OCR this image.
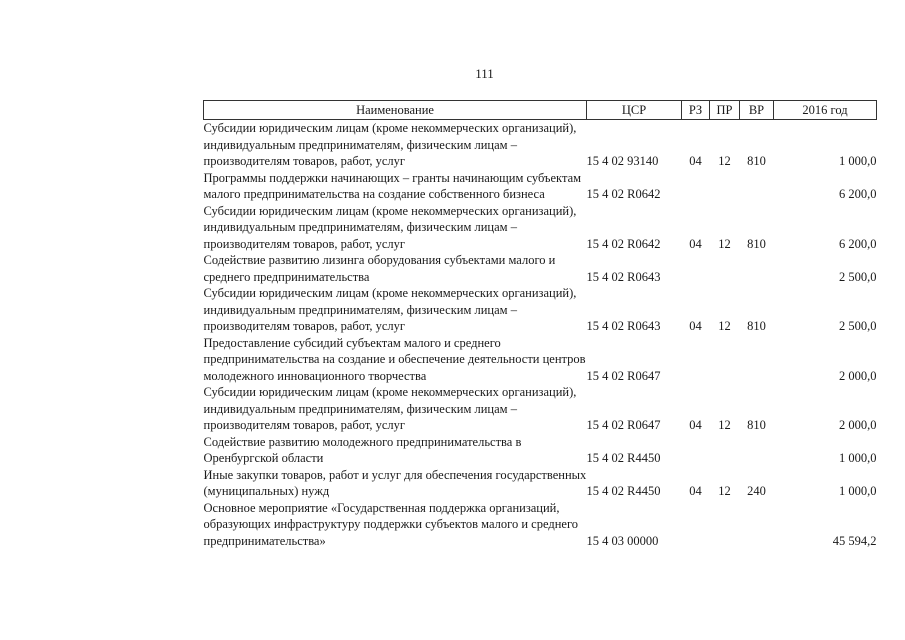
111
Наименование	ЦСР	РЗ	ПР	ВР	2016 год
Субсидии юридическим лицам (кроме некоммерческих организаций), индивидуальным предпринимателям, физическим лицам – производителям товаров, работ, услуг	15 4 02 93140	04	12	810	1 000,0
Программы поддержки начинающих – гранты начинающим субъектам малого предпринимательства на создание собственного бизнеса	15 4 02 R0642				6 200,0
Субсидии юридическим лицам (кроме некоммерческих организаций), индивидуальным предпринимателям, физическим лицам – производителям товаров, работ, услуг	15 4 02 R0642	04	12	810	6 200,0
Содействие развитию лизинга оборудования субъектами малого и среднего предпринимательства	15 4 02 R0643				2 500,0
Субсидии юридическим лицам (кроме некоммерческих организаций), индивидуальным предпринимателям, физическим лицам – производителям товаров, работ, услуг	15 4 02 R0643	04	12	810	2 500,0
Предоставление субсидий субъектам малого и среднего предпринимательства на создание и обеспечение деятельности центров молодежного инновационного творчества	15 4 02 R0647				2 000,0
Субсидии юридическим лицам (кроме некоммерческих организаций), индивидуальным предпринимателям, физическим лицам – производителям товаров, работ, услуг	15 4 02 R0647	04	12	810	2 000,0
Содействие развитию молодежного предпринимательства в Оренбургской области	15 4 02 R4450				1 000,0
Иные закупки товаров, работ и услуг для обеспечения государственных (муниципальных) нужд	15 4 02 R4450	04	12	240	1 000,0
Основное мероприятие «Государственная поддержка организаций, образующих инфраструктуру поддержки субъектов малого и среднего предпринимательства»	15 4 03 00000				45 594,2
